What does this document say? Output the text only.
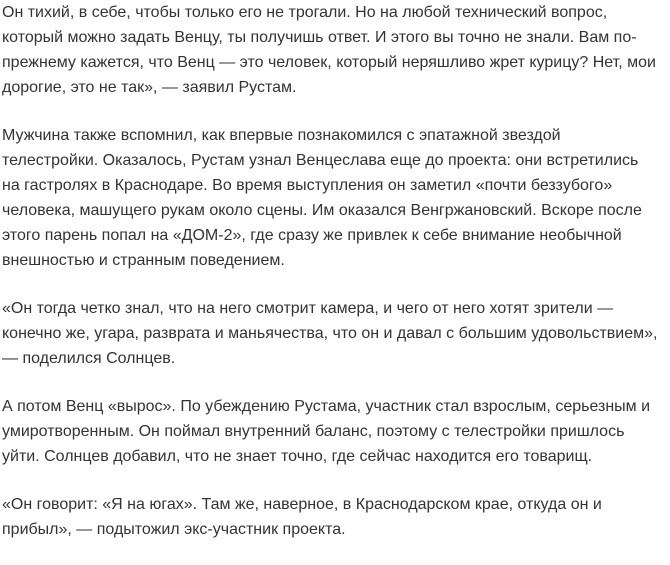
Он тихий, в себе, чтобы только его не трогали. Но на любой технический вопрос, который можно задать Венцу, ты получишь ответ. И этого вы точно не знали. Вам по-прежнему кажется, что Венц — это человек, который неряшливо жрет курицу? Нет, мои дорогие, это не так», — заявил Рустам.

Мужчина также вспомнил, как впервые познакомился с эпатажной звездой телестройки. Оказалось, Рустам узнал Венцеслава еще до проекта: они встретились на гастролях в Краснодаре. Во время выступления он заметил «почти беззубого» человека, машущего рукам около сцены. Им оказался Венгржановский. Вскоре после этого парень попал на «ДОМ-2», где сразу же привлек к себе внимание необычной внешностью и странным поведением.

«Он тогда четко знал, что на него смотрит камера, и чего от него хотят зрители — конечно же, угара, разврата и маньячества, что он и давал с большим удовольствием», — поделился Солнцев.

А потом Венц «вырос». По убеждению Рустама, участник стал взрослым, серьезным и умиротворенным. Он поймал внутренний баланс, поэтому с телестройки пришлось уйти. Солнцев добавил, что не знает точно, где сейчас находится его товарищ.

«Он говорит: «Я на югах». Там же, наверное, в Краснодарском крае, откуда он и прибыл», — подытожил экс-участник проекта.
